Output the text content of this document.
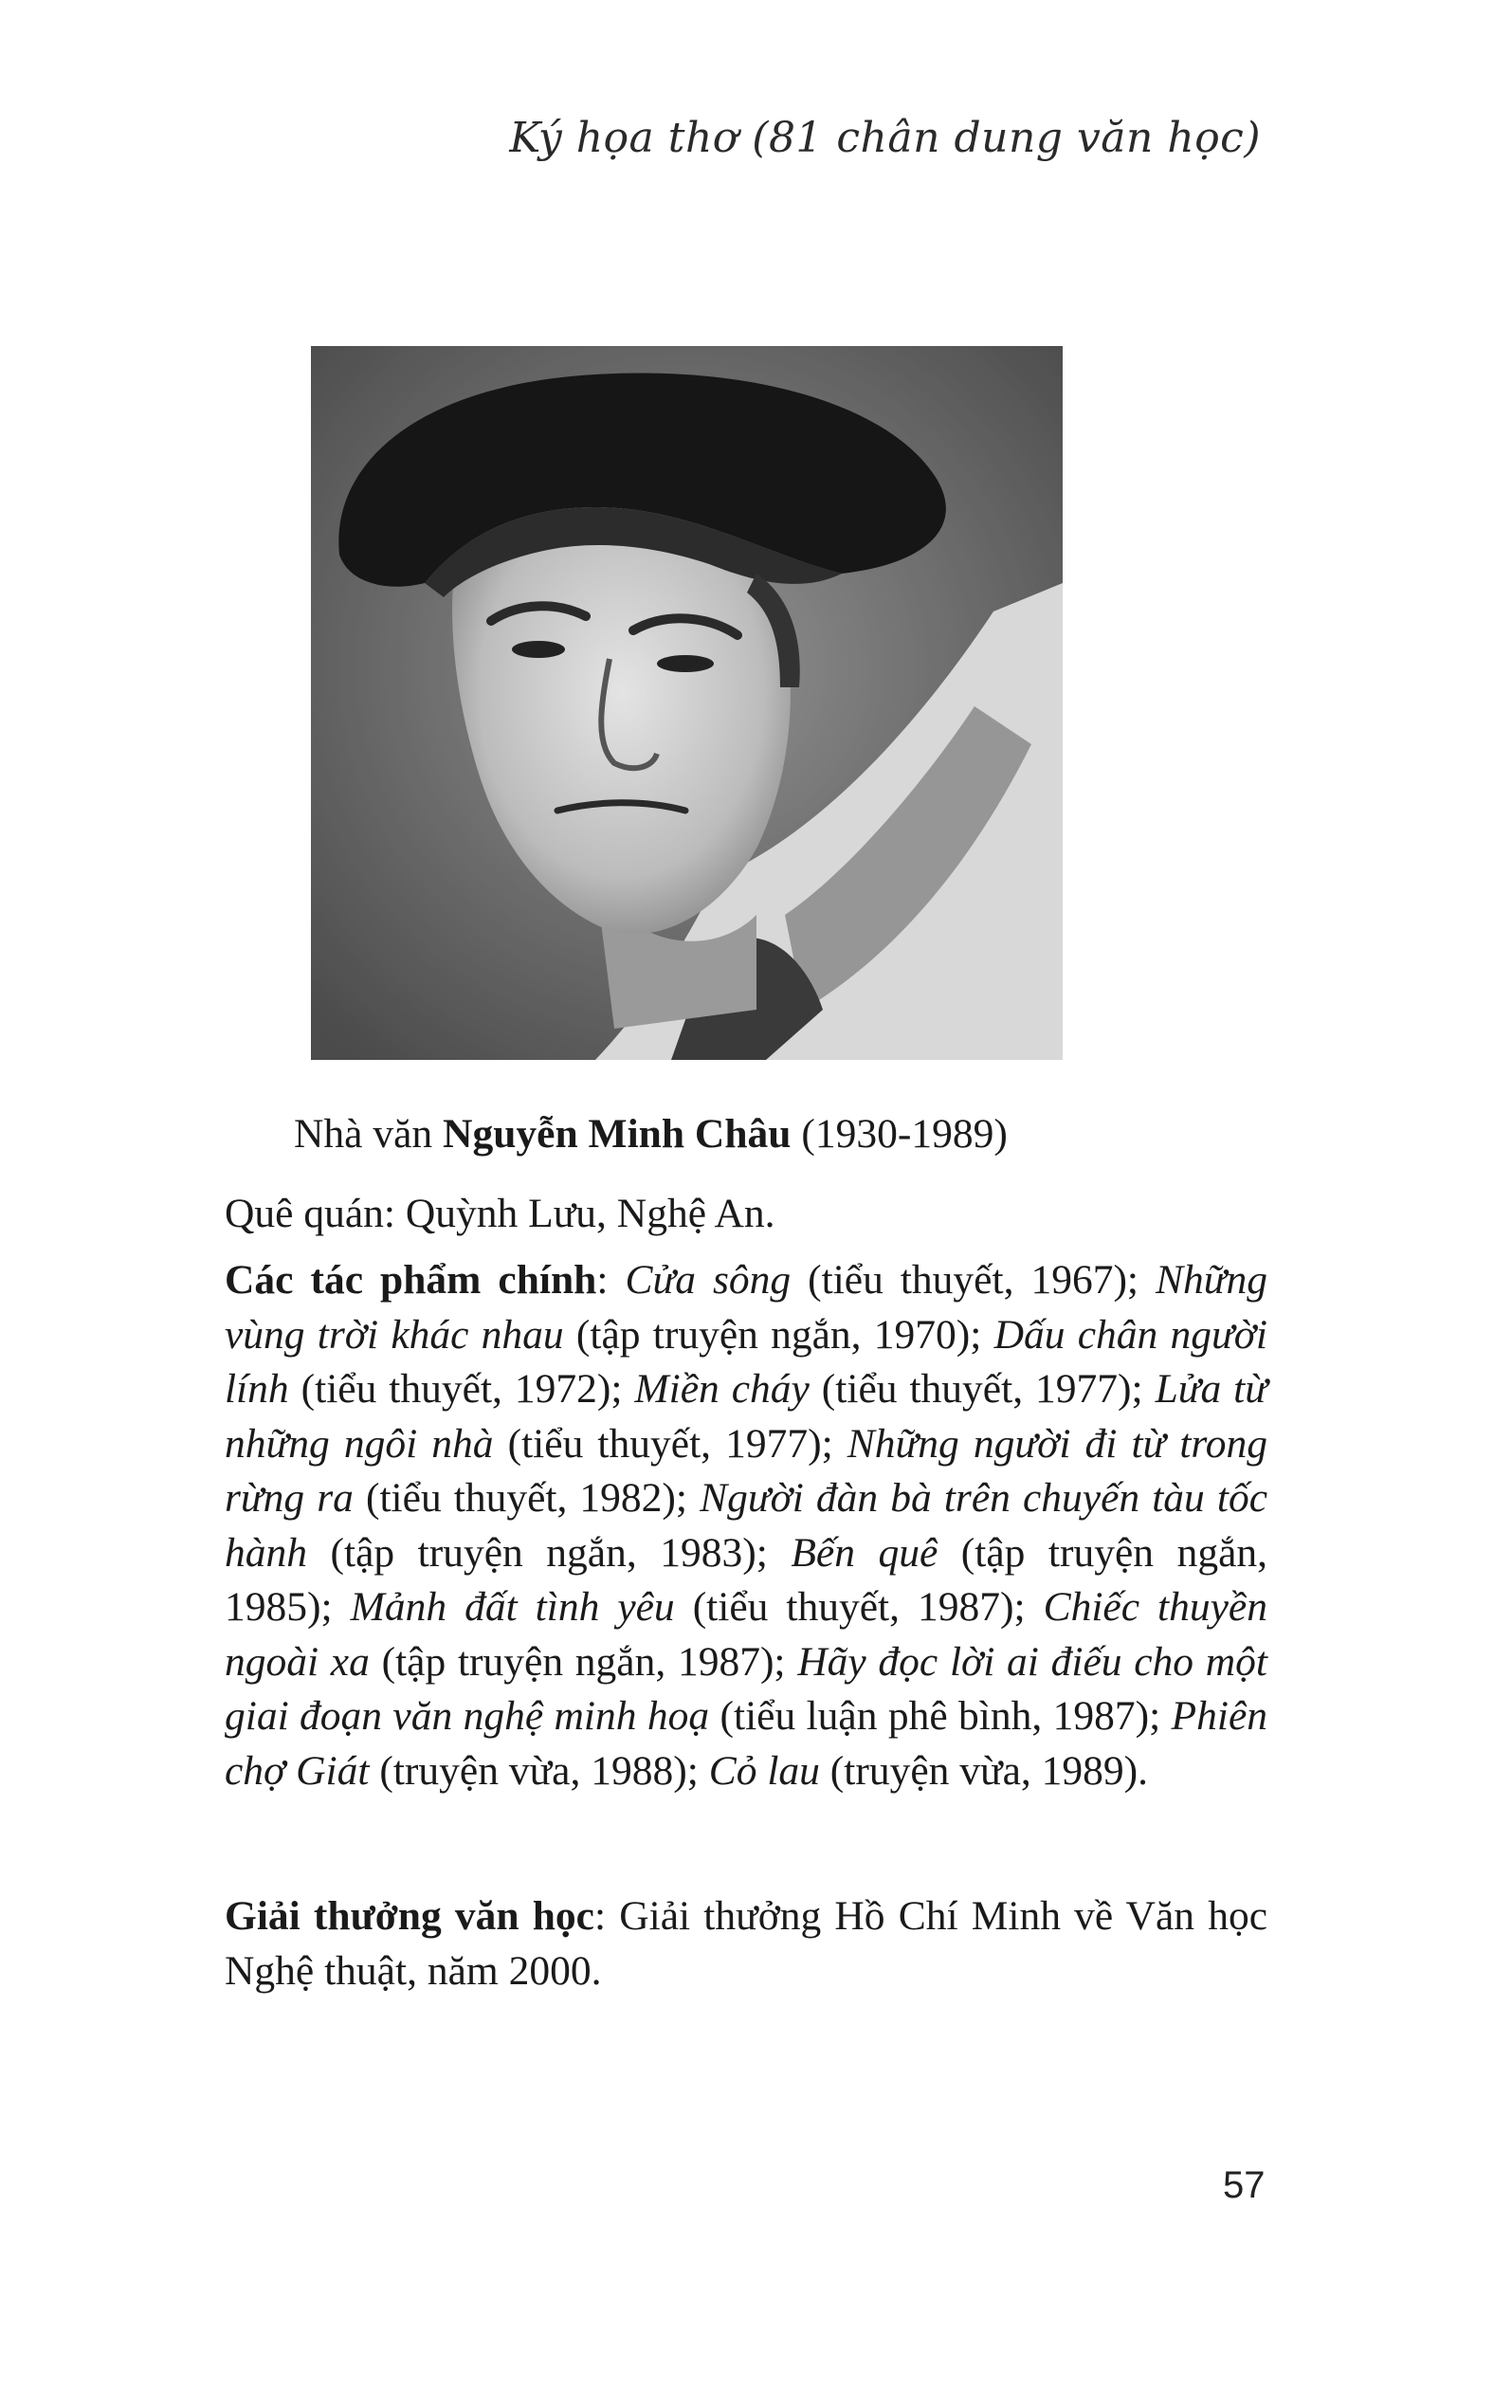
Ký họa thơ (81 chân dung văn học)
Nhà văn Nguyễn Minh Châu (1930-1989)
Quê quán: Quỳnh Lưu, Nghệ An.
Các tác phẩm chính: Cửa sông (tiểu thuyết, 1967); Những vùng trời khác nhau (tập truyện ngắn, 1970); Dấu chân người lính (tiểu thuyết, 1972); Miền cháy (tiểu thuyết, 1977); Lửa từ những ngôi nhà (tiểu thuyết, 1977); Những người đi từ trong rừng ra (tiểu thuyết, 1982); Người đàn bà trên chuyến tàu tốc hành (tập truyện ngắn, 1983); Bến quê (tập truyện ngắn, 1985); Mảnh đất tình yêu (tiểu thuyết, 1987); Chiếc thuyền ngoài xa (tập truyện ngắn, 1987); Hãy đọc lời ai điếu cho một giai đoạn văn nghệ minh hoạ (tiểu luận phê bình, 1987); Phiên chợ Giát (truyện vừa, 1988); Cỏ lau (truyện vừa, 1989).
Giải thưởng văn học: Giải thưởng Hồ Chí Minh về Văn học Nghệ thuật, năm 2000.
57
